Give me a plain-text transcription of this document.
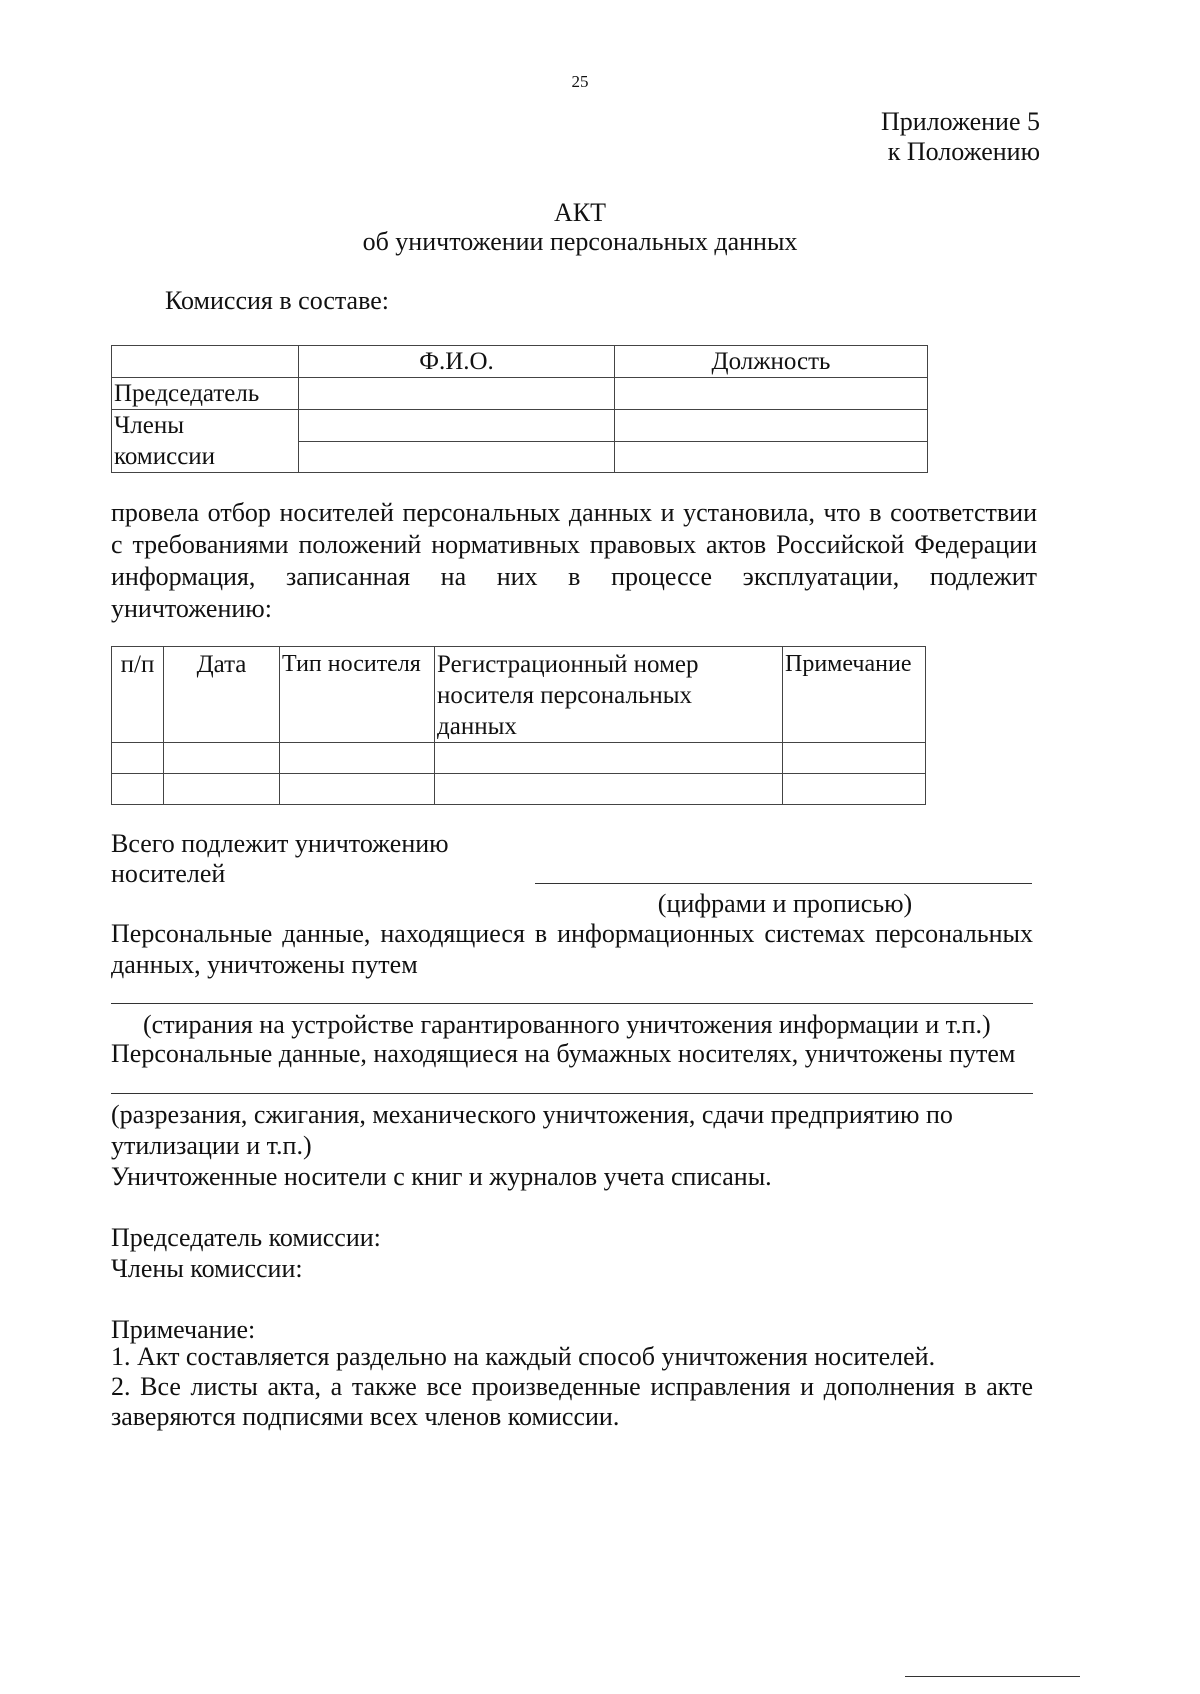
25
Приложение 5
к Положению
АКТ
об уничтожении персональных данных
Комиссия в составе:
	Ф.И.О.	Должность
Председатель		

Члены
комиссии		

провела отбор носителей персональных данных и установила, что в соответствии
с требованиями положений нормативных правовых актов Российской Федерации
информация, записанная на них в процессе эксплуатации, подлежит
уничтожению:
п/п	Дата	Тип носителя	Регистрационный номер носителя персональных данных	Примечание

Всего подлежит уничтожению
носителей
(цифрами и прописью)
Персональные данные, находящиеся в информационных системах персональных
данных, уничтожены путем
(стирания на устройстве гарантированного уничтожения информации и т.п.)
Персональные данные, находящиеся на бумажных носителях, уничтожены путем
(разрезания, сжигания, механического уничтожения, сдачи предприятию по
утилизации и т.п.)
Уничтоженные носители с книг и журналов учета списаны.
Председатель комиссии:
Члены комиссии:
Примечание:
1. Акт составляется раздельно на каждый способ уничтожения носителей.
2. Все листы акта, а также все произведенные исправления и дополнения в акте
заверяются подписями всех членов комиссии.
